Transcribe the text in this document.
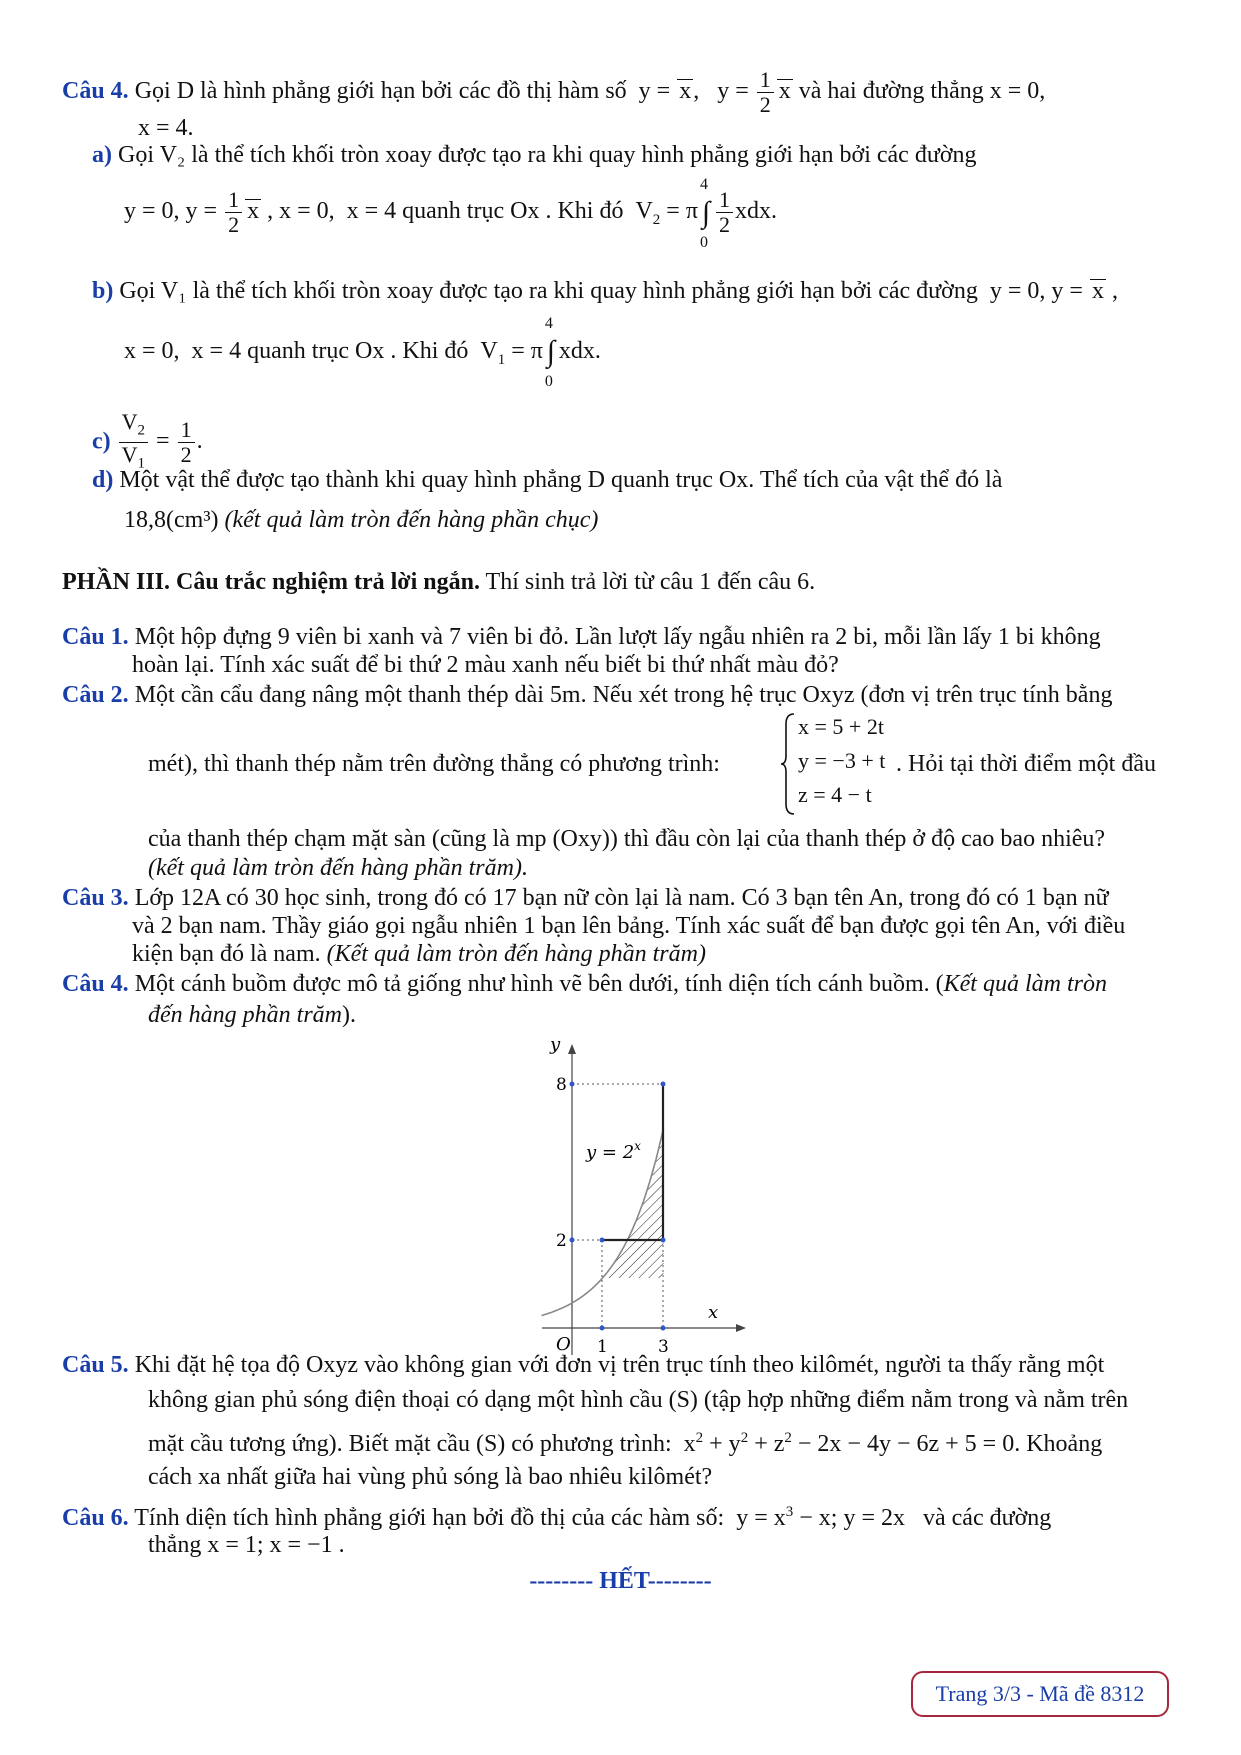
Câu 4. Gọi D là hình phẳng giới hạn bởi các đồ thị hàm số  y = x,   $y = \frac{1}{2}$ x và hai đường thẳng x = 0,
x = 4.
a) Gọi V₂ là thể tích khối tròn xoay được tạo ra khi quay hình phẳng giới hạn bởi các đường
y = 0, $y = \frac{1}{2}$ x , x = 0,  x = 4 quanh trục Ox . Khi đó  $V_2 = \pi$ ∫
4
0
$\frac{1}{2}$ xdx.
b) Gọi V₁ là thể tích khối tròn xoay được tạo ra khi quay hình phẳng giới hạn bởi các đường  y = 0, y = x ,
x = 0,  x = 4 quanh trục Ox . Khi đó  $V_1 = \pi$ ∫
4
0
xdx.
$c) \frac{V_2}{V_1} = \frac{1}{2}$ .
d) Một vật thể được tạo thành khi quay hình phẳng D quanh trục Ox. Thể tích của vật thể đó là
18,8(cm³) (kết quả làm tròn đến hàng phần chục)
PHẦN III. Câu trắc nghiệm trả lời ngắn. Thí sinh trả lời từ câu 1 đến câu 6.
Câu 1. Một hộp đựng 9 viên bi xanh và 7 viên bi đỏ. Lần lượt lấy ngẫu nhiên ra 2 bi, mỗi lần lấy 1 bi không
hoàn lại. Tính xác suất để bi thứ 2 màu xanh nếu biết bi thứ nhất màu đỏ?
Câu 2. Một cần cẩu đang nâng một thanh thép dài 5m. Nếu xét trong hệ trục Oxyz (đơn vị trên trục tính bằng
mét), thì thanh thép nằm trên đường thẳng có phương trình:
x = 5 + 2t
y = −3 + t
z = 4 − t
. Hỏi tại thời điểm một đầu
của thanh thép chạm mặt sàn (cũng là mp (Oxy)) thì đầu còn lại của thanh thép ở độ cao bao nhiêu?
(kết quả làm tròn đến hàng phần trăm).
Câu 3. Lớp 12A có 30 học sinh, trong đó có 17 bạn nữ còn lại là nam. Có 3 bạn tên An, trong đó có 1 bạn nữ
và 2 bạn nam. Thầy giáo gọi ngẫu nhiên 1 bạn lên bảng. Tính xác suất để bạn được gọi tên An, với điều
kiện bạn đó là nam. (Kết quả làm tròn đến hàng phần trăm)
Câu 4. Một cánh buồm được mô tả giống như hình vẽ bên dưới, tính diện tích cánh buồm. (Kết quả làm tròn
đến hàng phần trăm).
y
x
O 1	3
8
2
$y = 2^x$
Câu 5. Khi đặt hệ tọa độ Oxyz vào không gian với đơn vị trên trục tính theo kilômét, người ta thấy rằng một
không gian phủ sóng điện thoại có dạng một hình cầu (S) (tập hợp những điểm nằm trong và nằm trên
mặt cầu tương ứng). Biết mặt cầu (S) có phương trình:  $x^2 + y^2 + z^2 - 2x - 4y - 6z + 5 = 0$. Khoảng
cách xa nhất giữa hai vùng phủ sóng là bao nhiêu kilômét?
Câu 6. Tính diện tích hình phẳng giới hạn bởi đồ thị của các hàm số:  $y = x^3 - x$; y = 2x   và các đường
thẳng x = 1; x = −1 .
-------- HẾT--------
Trang 3/3 - Mã đề 8312
